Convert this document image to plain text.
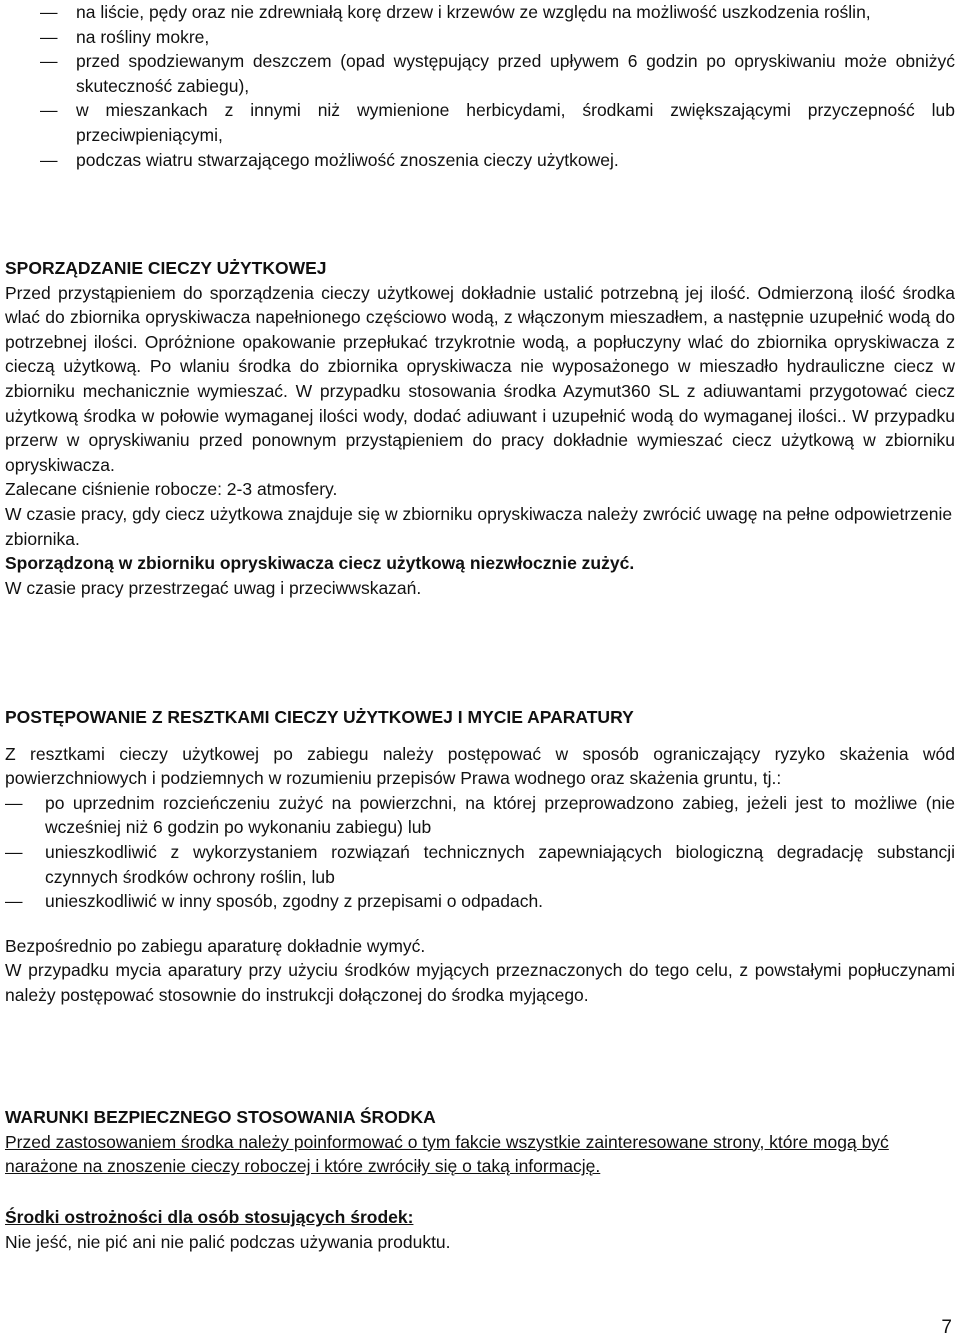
— na liściе, pędy oraz nie zdrewniałą korę drzew i krzewów ze względu na możliwość uszkodzenia roślin,
— na rośliny mokre,
— przed spodziewanym deszczem (opad występujący przed upływem 6 godzin po opryskiwaniu może obniżyć skuteczność zabiegu),
— w mieszankach z innymi niż wymienione herbicydami, środkami zwiększającymi przyczepność lub przeciwpieniącymi,
— podczas wiatru stwarzającego możliwość znoszenia cieczy użytkowej.

SPORZĄDZANIE CIECZY UŻYTKOWEJ

Przed przystąpieniem do sporządzenia cieczy użytkowej dokładnie ustalić potrzebną jej ilość. Odmierzoną ilość środka wlać do zbiornika opryskiwacza napełnionego częściowo wodą, z włączonym mieszadłem, a następnie uzupełnić wodą do potrzebnej ilości. Opróżnione opakowanie przepłukać trzykrotnie wodą, a popłuczyny wlać do zbiornika opryskiwacza z cieczą użytkową. Po wlaniu środka do zbiornika opryskiwacza nie wyposażonego w mieszadło hydrauliczne ciecz w zbiorniku mechanicznie wymieszać. W przypadku stosowania środka Azymut360 SL z adiuwantami przygotować ciecz użytkową środka w połowie wymaganej ilości wody, dodać adiuwant i uzupełnić wodą do wymaganej ilości.. W przypadku przerw w opryskiwaniu przed ponownym przystąpieniem do pracy dokładnie wymieszać ciecz użytkową w zbiorniku opryskiwacza.

Zalecane ciśnienie robocze: 2-3 atmosfery.

W czasie pracy, gdy ciecz użytkowa znajduje się w zbiorniku opryskiwacza należy zwrócić uwagę na pełne odpowietrzenie zbiornika.

Sporządzoną w zbiorniku opryskiwacza ciecz użytkową niezwłocznie zużyć.

W czasie pracy przestrzegać uwag i przeciwwskazań.

POSTĘPOWANIE Z RESZTKAMI CIECZY UŻYTKOWEJ I MYCIE APARATURY

Z resztkami cieczy użytkowej po zabiegu należy postępować w sposób ograniczający ryzyko skażenia wód powierzchniowych i podziemnych w rozumieniu przepisów Prawa wodnego oraz skażenia gruntu, tj.:

— po uprzednim rozcieńczeniu zużyć na powierzchni, na której przeprowadzono zabieg, jeżeli jest to możliwe (nie wcześniej niż 6 godzin po wykonaniu zabiegu) lub
— unieszkodliwić z wykorzystaniem rozwiązań technicznych zapewniających biologiczną degradację substancji czynnych środków ochrony roślin, lub
— unieszkodliwić w inny sposób, zgodny z przepisami o odpadach.

Bezpośrednio po zabiegu aparaturę dokładnie wymyć.

W przypadku mycia aparatury przy użyciu środków myjących przeznaczonych do tego celu, z powstałymi popłuczynami należy postępować stosownie do instrukcji dołączonej do środka myjącego.

WARUNKI BEZPIECZNEGO STOSOWANIA ŚRODKA

Przed zastosowaniem środka należy poinformować o tym fakcie wszystkie zainteresowane strony, które mogą być narażone na znoszenie cieczy roboczej i które zwróciły się o taką informację.

Środki ostrożności dla osób stosujących środek:

Nie jeść, nie pić ani nie palić podczas używania produktu.

7
